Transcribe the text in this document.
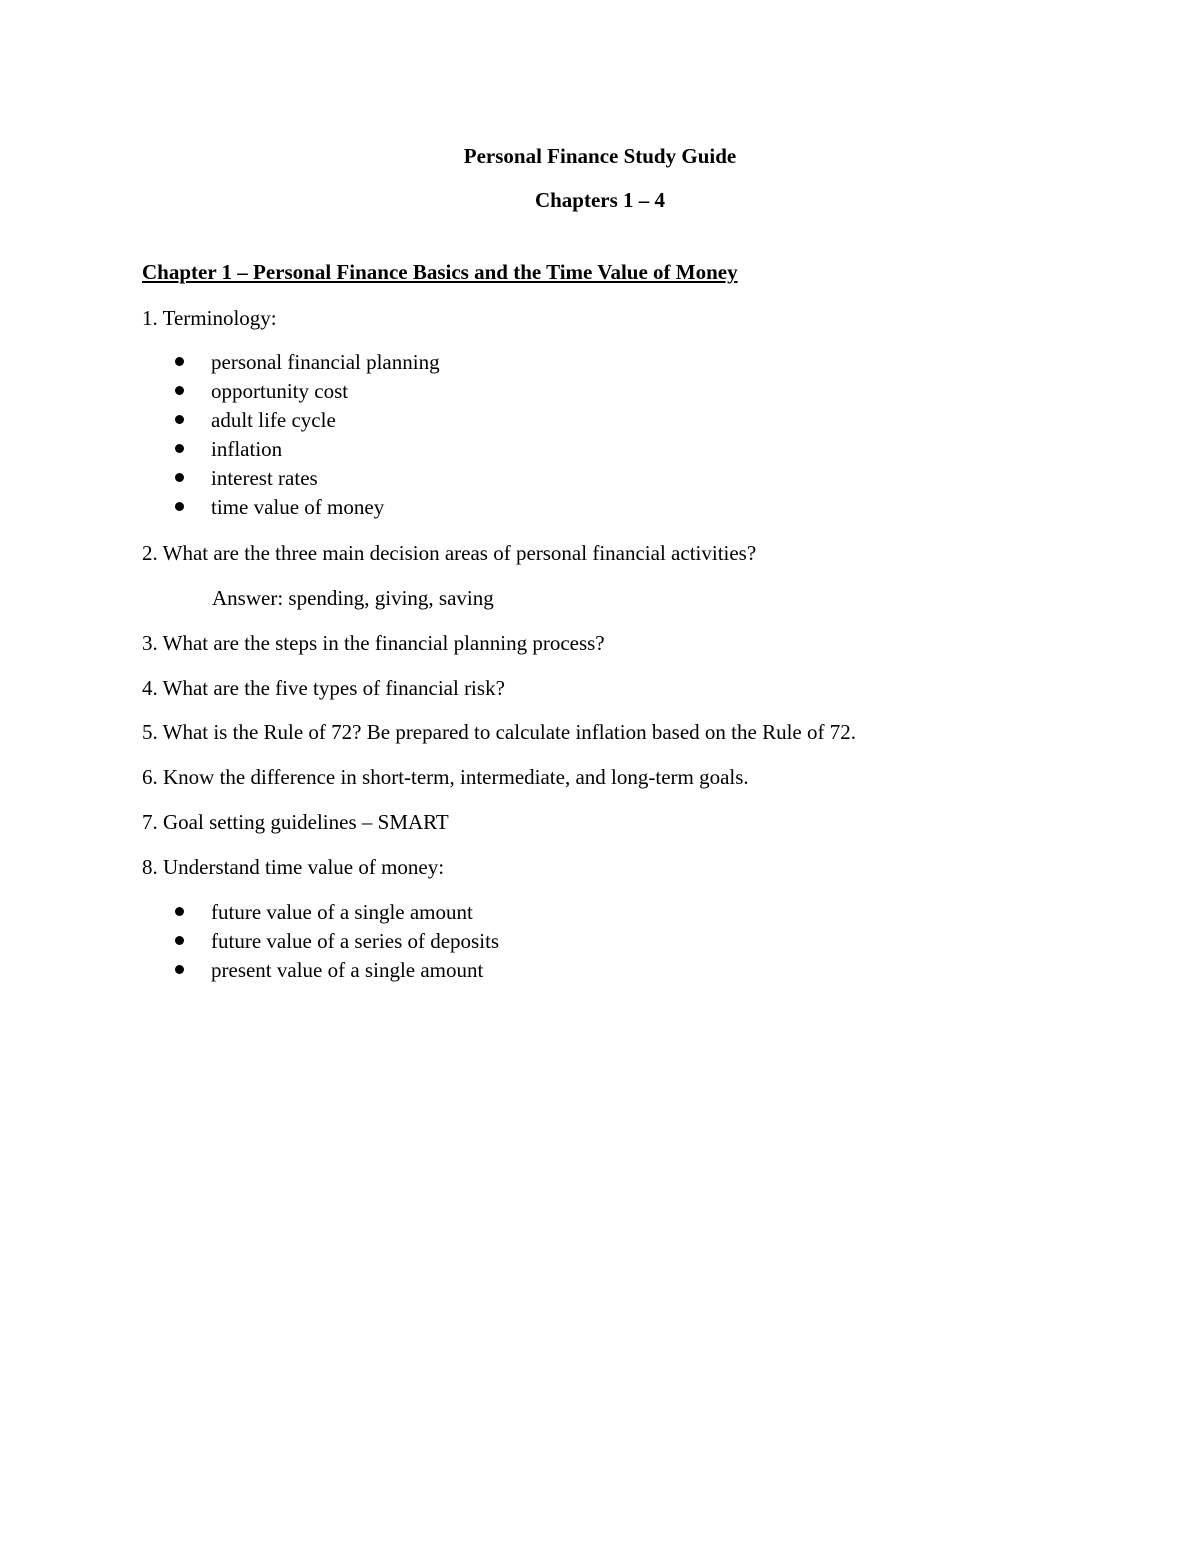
Personal Finance Study Guide
Chapters 1 – 4
Chapter 1 – Personal Finance Basics and the Time Value of Money
1. Terminology:
personal financial planning
opportunity cost
adult life cycle
inflation
interest rates
time value of money
2. What are the three main decision areas of personal financial activities?
Answer: spending, giving, saving
3. What are the steps in the financial planning process?
4. What are the five types of financial risk?
5. What is the Rule of 72? Be prepared to calculate inflation based on the Rule of 72.
6. Know the difference in short-term, intermediate, and long-term goals.
7. Goal setting guidelines – SMART
8. Understand time value of money:
future value of a single amount
future value of a series of deposits
present value of a single amount
